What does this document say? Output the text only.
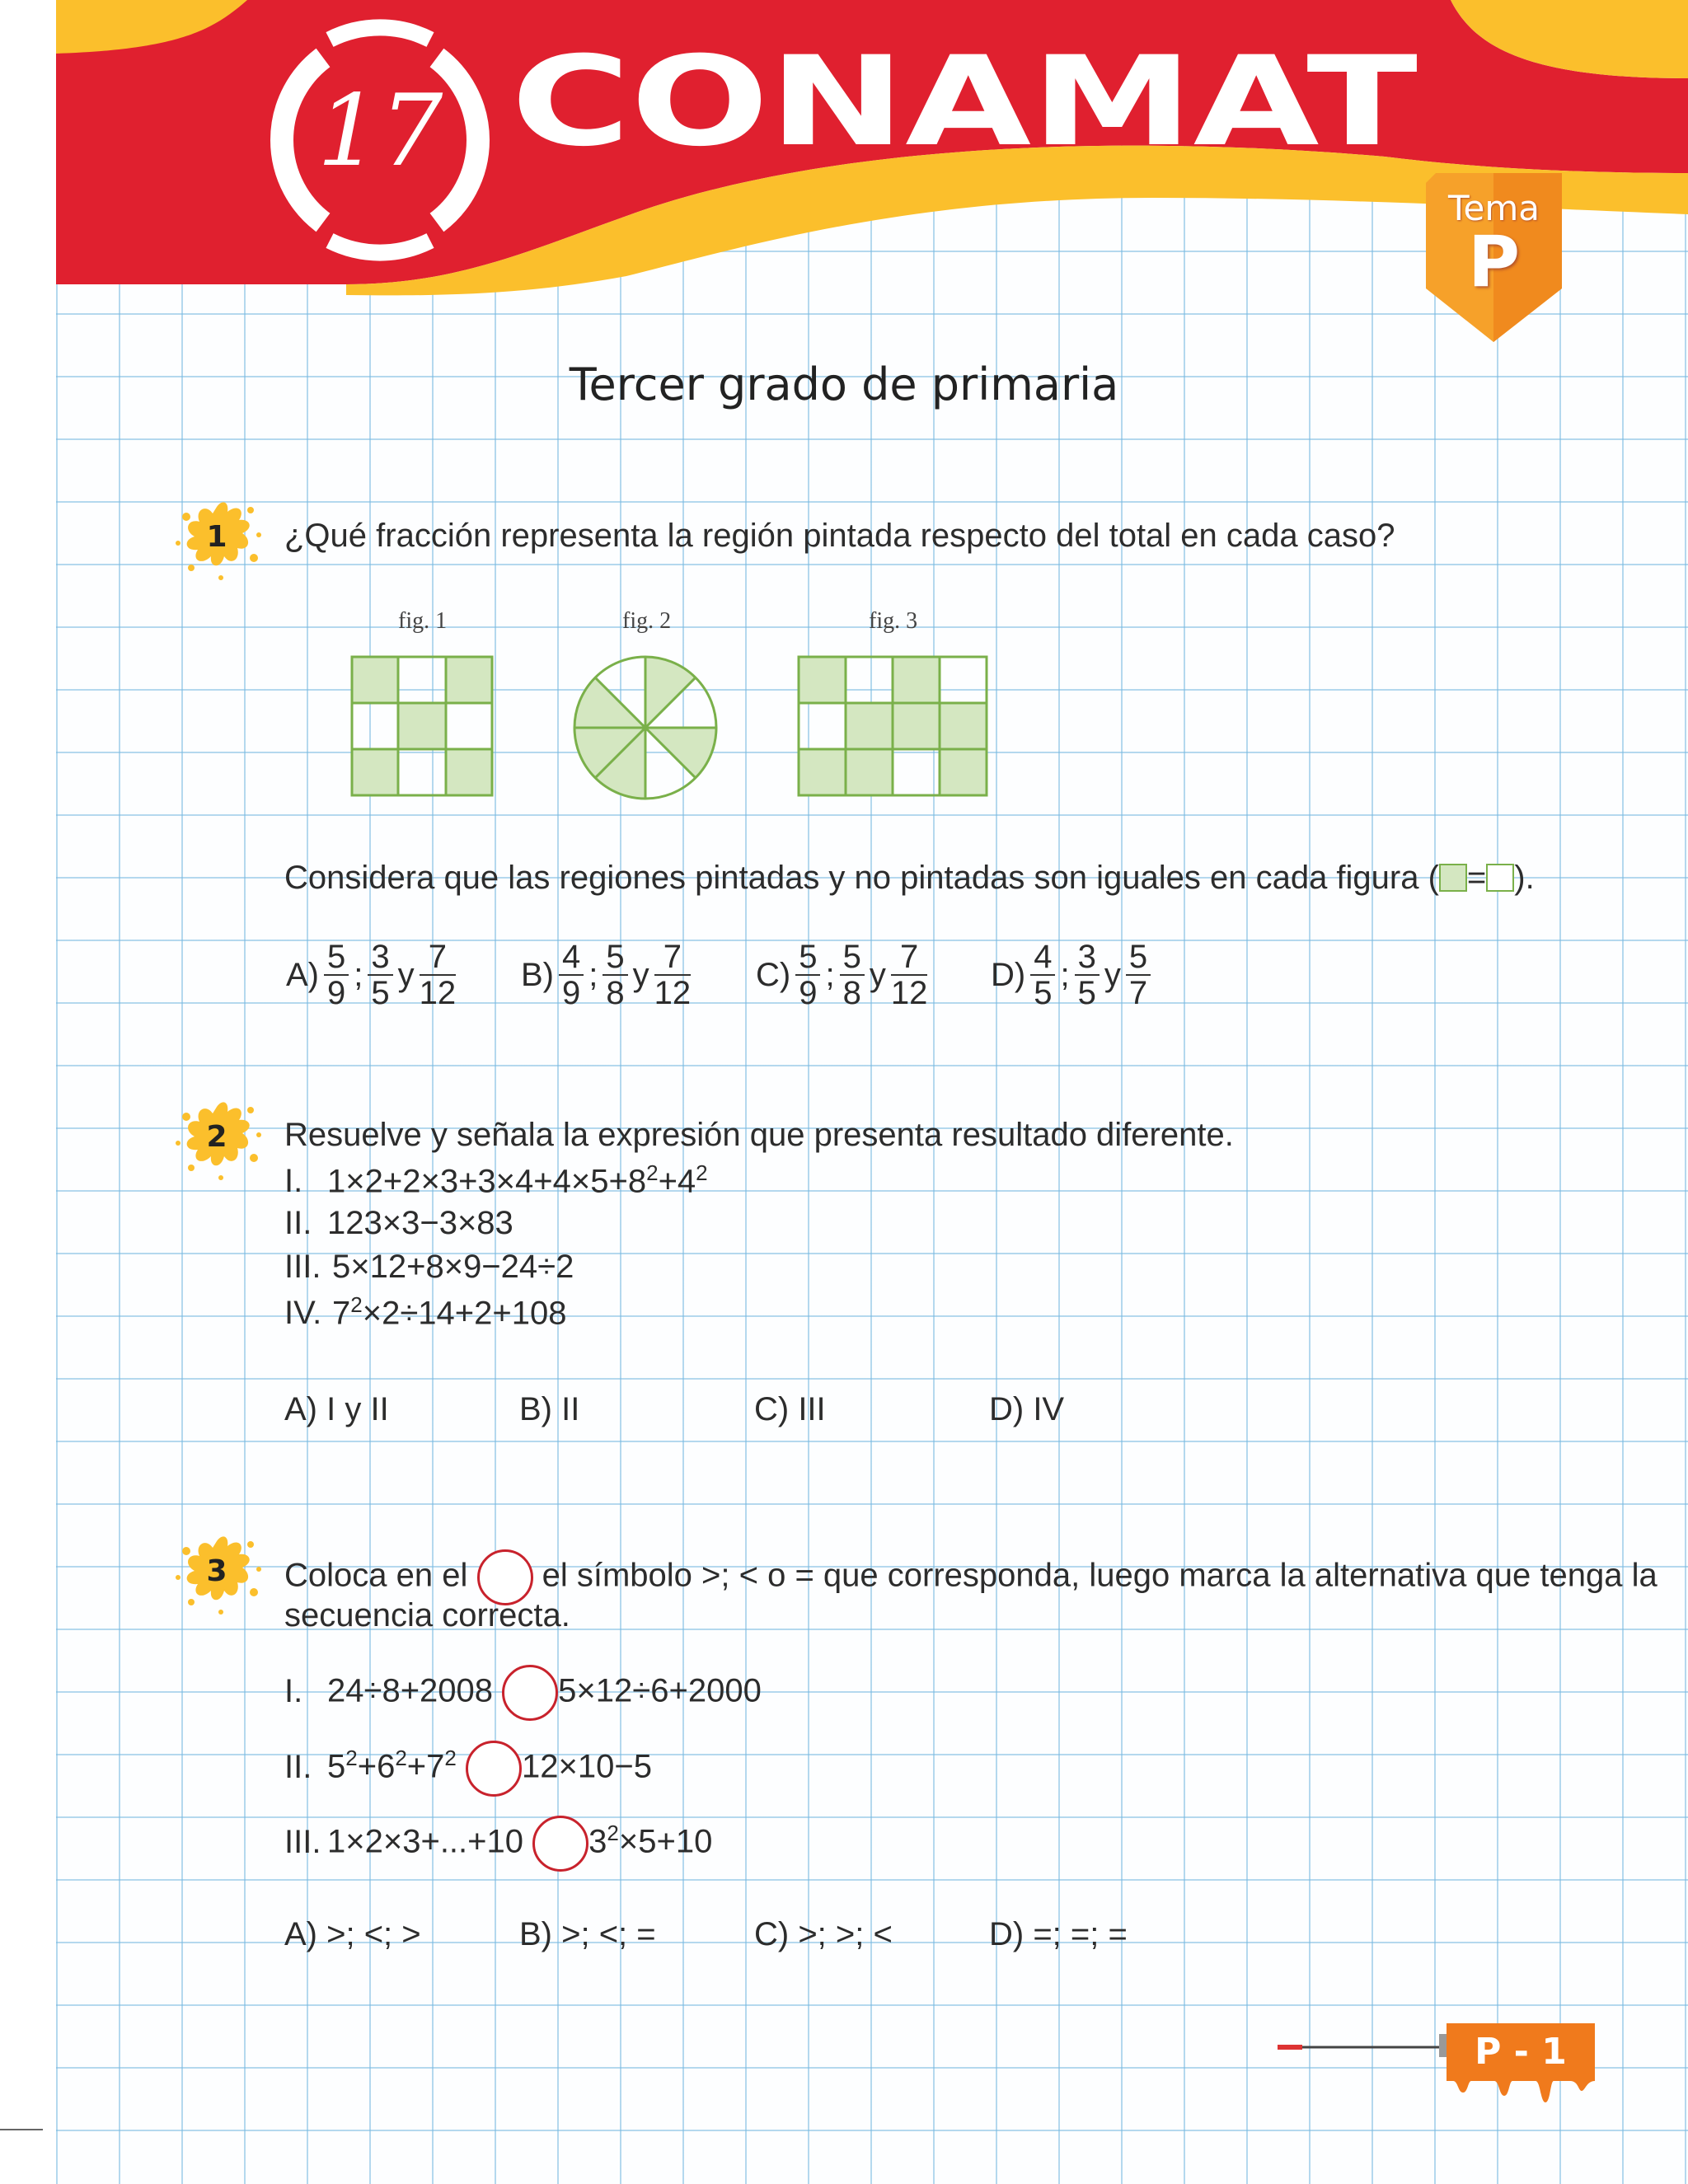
17 CONAMAT
Tema
P
Tercer grado de primaria
1	¿Qué fracción representa la región pintada respecto del total en cada caso?
fig. 1	fig. 2	fig. 3
Considera que las regiones pintadas y no pintadas son iguales en cada figura ( = ).
$A) \frac{5}{9}$ ; $\frac{3}{5}$ y $\frac{7}{12} B) \frac{4}{9}$ ; $\frac{5}{8}$ y $\frac{7}{12} C) \frac{5}{9}$ ; $\frac{5}{8}$ y $\frac{7}{12} D) \frac{4}{5}$ ; $\frac{3}{5}$ y $\frac{5}{7}$
2	Resuelve y señala la expresión que presenta resultado diferente.
I. $1\times 2+2\times 3+3\times 4+4\times 5+8^2+4^2$
II. 123×3−3×83
III. 5×12+8×9−24÷2
IV. $7^2\times 2\div 14+2+108$
A) I y II	B) II	C) III	D) IV
3	Coloca en el el símbolo >; < o = que corresponda, luego marca la alternativa que tenga la
secuencia correcta.
I. 24÷8+2008 5×12÷6+2000
II. $5^2+6^2+7^2$ 12×10−5
III. 1×2×3+...+10 $3^2\times 5+10$
A) >; <; >	B) >; <; =	C) >; >; <	D) =; =; =
P - 1
